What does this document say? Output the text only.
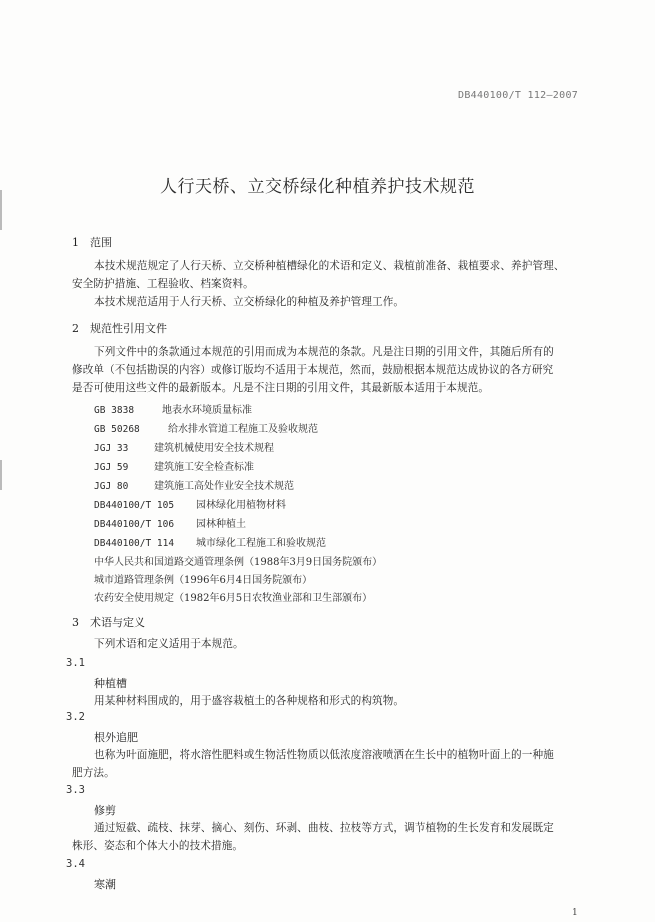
DB440100/T 112—2007
人行天桥、立交桥绿化种植养护技术规范
1 范围
本技术规范规定了人行天桥、立交桥种植槽绿化的术语和定义、栽植前准备、栽植要求、养护管理、
安全防护措施、工程验收、档案资料。
本技术规范适用于人行天桥、立交桥绿化的种植及养护管理工作。
2 规范性引用文件
下列文件中的条款通过本规范的引用而成为本规范的条款。凡是注日期的引用文件，其随后所有的
修改单（不包括勘误的内容）或修订版均不适用于本规范，然而，鼓励根据本规范达成协议的各方研究
是否可使用这些文件的最新版本。凡是不注日期的引用文件，其最新版本适用于本规范。
GB 3838	地表水环境质量标准
GB 50268	给水排水管道工程施工及验收规范
JGJ 33	建筑机械使用安全技术规程
JGJ 59	建筑施工安全检查标准
JGJ 80	建筑施工高处作业安全技术规范
DB440100/T 105 园林绿化用植物材料
DB440100/T 106 园林种植土
DB440100/T 114 城市绿化工程施工和验收规范
中华人民共和国道路交通管理条例（1988年3月9日国务院颁布）
城市道路管理条例（1996年6月4日国务院颁布）
农药安全使用规定（1982年6月5日农牧渔业部和卫生部颁布）
3 术语与定义
下列术语和定义适用于本规范。
3.1
种植槽
用某种材料围成的，用于盛容栽植土的各种规格和形式的构筑物。
3.2
根外追肥
也称为叶面施肥，将水溶性肥料或生物活性物质以低浓度溶液喷洒在生长中的植物叶面上的一种施
肥方法。
3.3
修剪
通过短截、疏枝、抹芽、摘心、刻伤、环剥、曲枝、拉枝等方式，调节植物的生长发育和发展既定
株形、姿态和个体大小的技术措施。
3.4
寒潮
1
